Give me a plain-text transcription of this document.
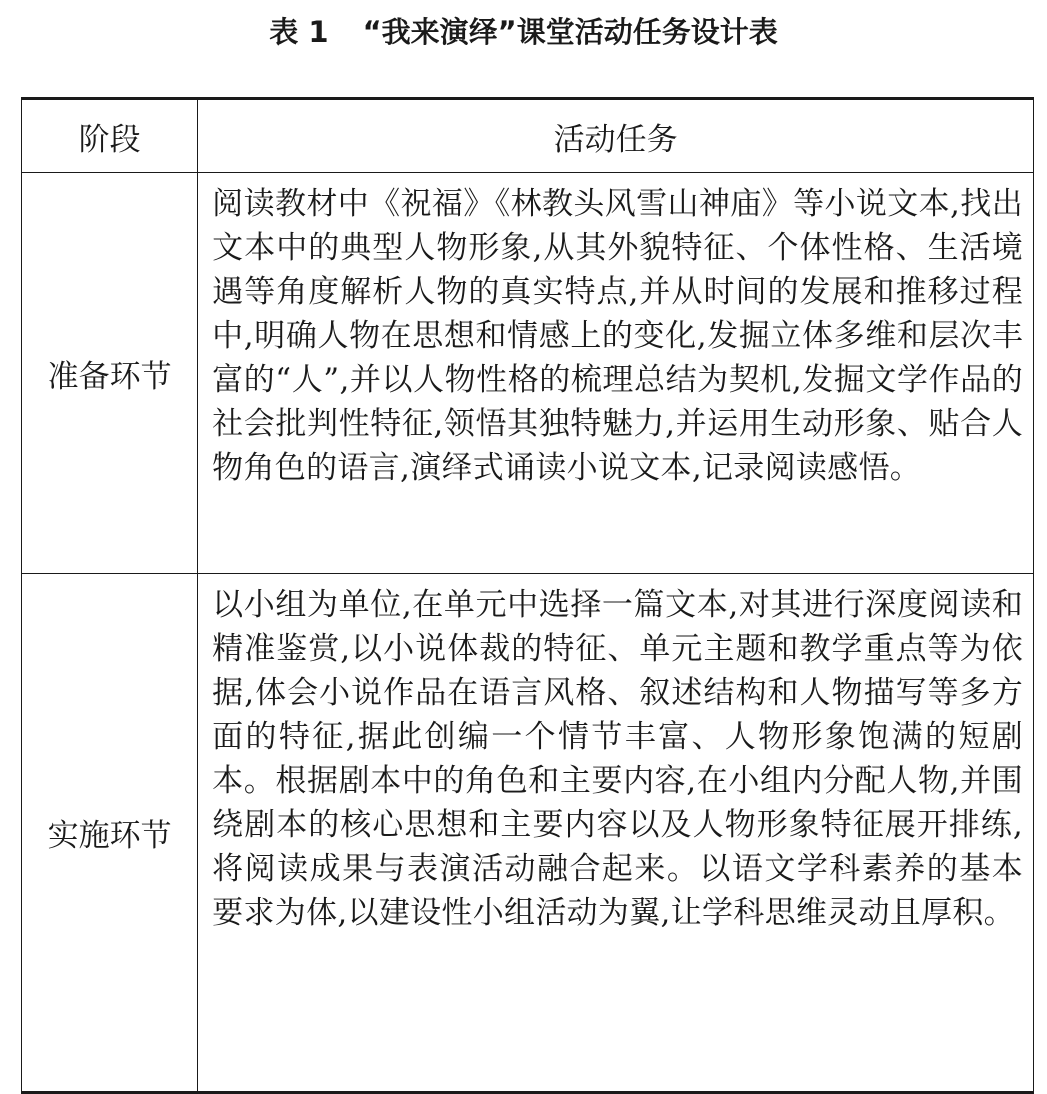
表 1 “我来演绎”课堂活动任务设计表
阶段	活动任务
准备环节	阅读教材中《祝福》《林教头风雪山神庙》等小说文本,找出文本中的典型人物形象,从其外貌特征、个体性格、生活境遇等角度解析人物的真实特点,并从时间的发展和推移过程中,明确人物在思想和情感上的变化,发掘立体多维和层次丰富的“人”,并以人物性格的梳理总结为契机,发掘文学作品的社会批判性特征,领悟其独特魅力,并运用生动形象、贴合人物角色的语言,演绎式诵读小说文本,记录阅读感悟。
实施环节	以小组为单位,在单元中选择一篇文本,对其进行深度阅读和精准鉴赏,以小说体裁的特征、单元主题和教学重点等为依据,体会小说作品在语言风格、叙述结构和人物描写等多方面的特征,据此创编一个情节丰富、人物形象饱满的短剧本。根据剧本中的角色和主要内容,在小组内分配人物,并围绕剧本的核心思想和主要内容以及人物形象特征展开排练,将阅读成果与表演活动融合起来。以语文学科素养的基本要求为体,以建设性小组活动为翼,让学科思维灵动且厚积。
